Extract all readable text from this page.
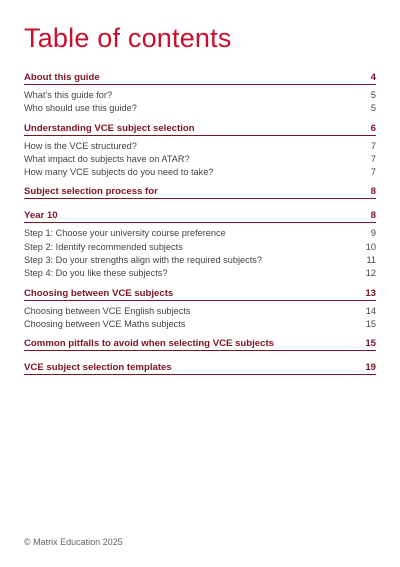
Table of contents
About this guide	4
What's this guide for?	5
Who should use this guide?	5
Understanding VCE subject selection	6
How is the VCE structured?	7
What impact do subjects have on ATAR?	7
How many VCE subjects do you need to take?	7
Subject selection process for	8
Year 10	8
Step 1: Choose your university course preference	9
Step 2: Identify recommended subjects	10
Step 3: Do your strengths align with the required subjects?	11
Step 4: Do you like these subjects?	12
Choosing between VCE subjects	13
Choosing between VCE English subjects	14
Choosing between VCE Maths subjects	15
Common pitfalls to avoid when selecting VCE subjects	15
VCE subject selection templates	19
© Matrix Education 2025
